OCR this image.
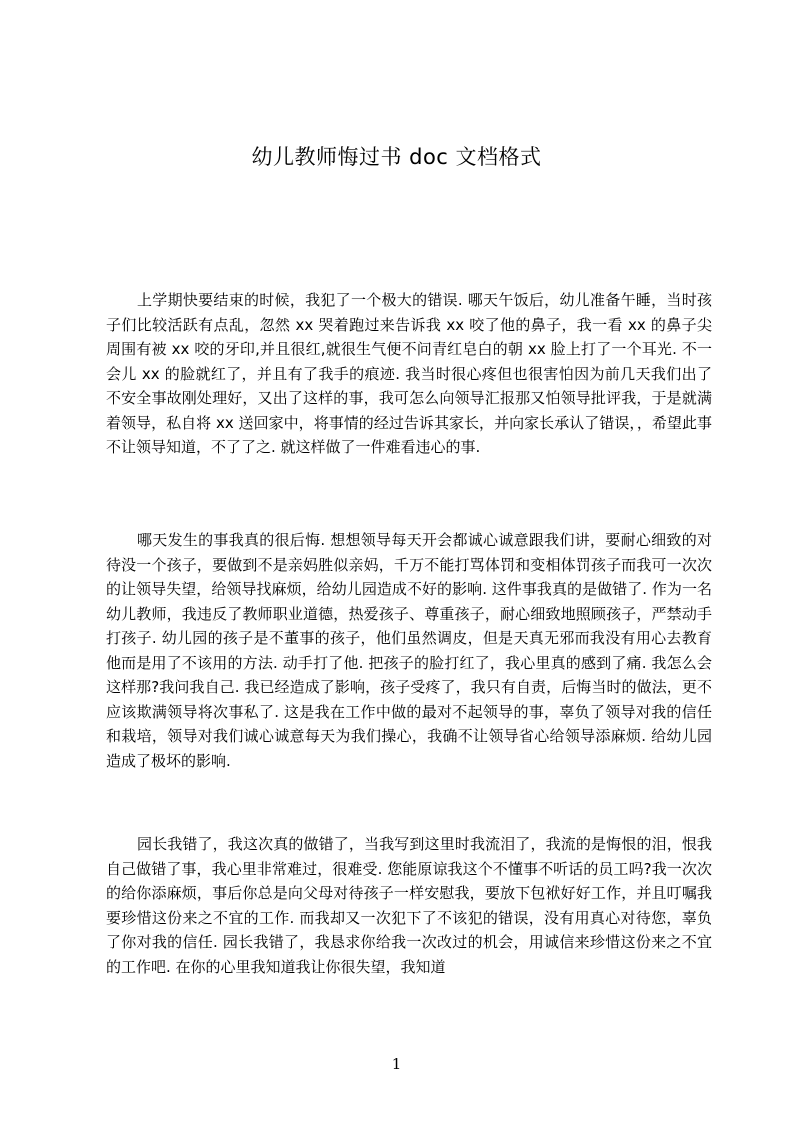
幼儿教师悔过书 doc 文档格式

上学期快要结束的时候，我犯了一个极大的错误. 哪天午饭后，幼儿准备午睡，当时孩子们比较活跃有点乱，忽然 xx 哭着跑过来告诉我 xx 咬了他的鼻子，我一看 xx 的鼻子尖周围有被 xx 咬的牙印,并且很红,就很生气便不问青红皂白的朝 xx 脸上打了一个耳光. 不一会儿 xx 的脸就红了，并且有了我手的痕迹. 我当时很心疼但也很害怕因为前几天我们出了不安全事故刚处理好，又出了这样的事，我可怎么向领导汇报那又怕领导批评我，于是就满着领导，私自将 xx 送回家中，将事情的经过告诉其家长，并向家长承认了错误，，希望此事不让领导知道，不了了之. 就这样做了一件难看违心的事.

哪天发生的事我真的很后悔. 想想领导每天开会都诚心诚意跟我们讲，要耐心细致的对待没一个孩子，要做到不是亲妈胜似亲妈，千万不能打骂体罚和变相体罚孩子而我可一次次的让领导失望，给领导找麻烦，给幼儿园造成不好的影响. 这件事我真的是做错了. 作为一名幼儿教师，我违反了教师职业道德，热爱孩子、尊重孩子，耐心细致地照顾孩子，严禁动手打孩子. 幼儿园的孩子是不董事的孩子，他们虽然调皮，但是天真无邪而我没有用心去教育他而是用了不该用的方法. 动手打了他. 把孩子的脸打红了，我心里真的感到了痛. 我怎么会这样那?我问我自己. 我已经造成了影响，孩子受疼了，我只有自责，后悔当时的做法，更不应该欺满领导将次事私了. 这是我在工作中做的最对不起领导的事，辜负了领导对我的信任和栽培，领导对我们诚心诚意每天为我们操心，我确不让领导省心给领导添麻烦. 给幼儿园造成了极坏的影响.

园长我错了，我这次真的做错了，当我写到这里时我流泪了，我流的是悔恨的泪，恨我自己做错了事，我心里非常难过，很难受. 您能原谅我这个不懂事不听话的员工吗?我一次次的给你添麻烦，事后你总是向父母对待孩子一样安慰我，要放下包袱好好工作，并且叮嘱我要珍惜这份来之不宜的工作. 而我却又一次犯下了不该犯的错误，没有用真心对待您，辜负了你对我的信任. 园长我错了，我恳求你给我一次改过的机会，用诚信来珍惜这份来之不宜的工作吧. 在你的心里我知道我让你很失望，我知道

1
